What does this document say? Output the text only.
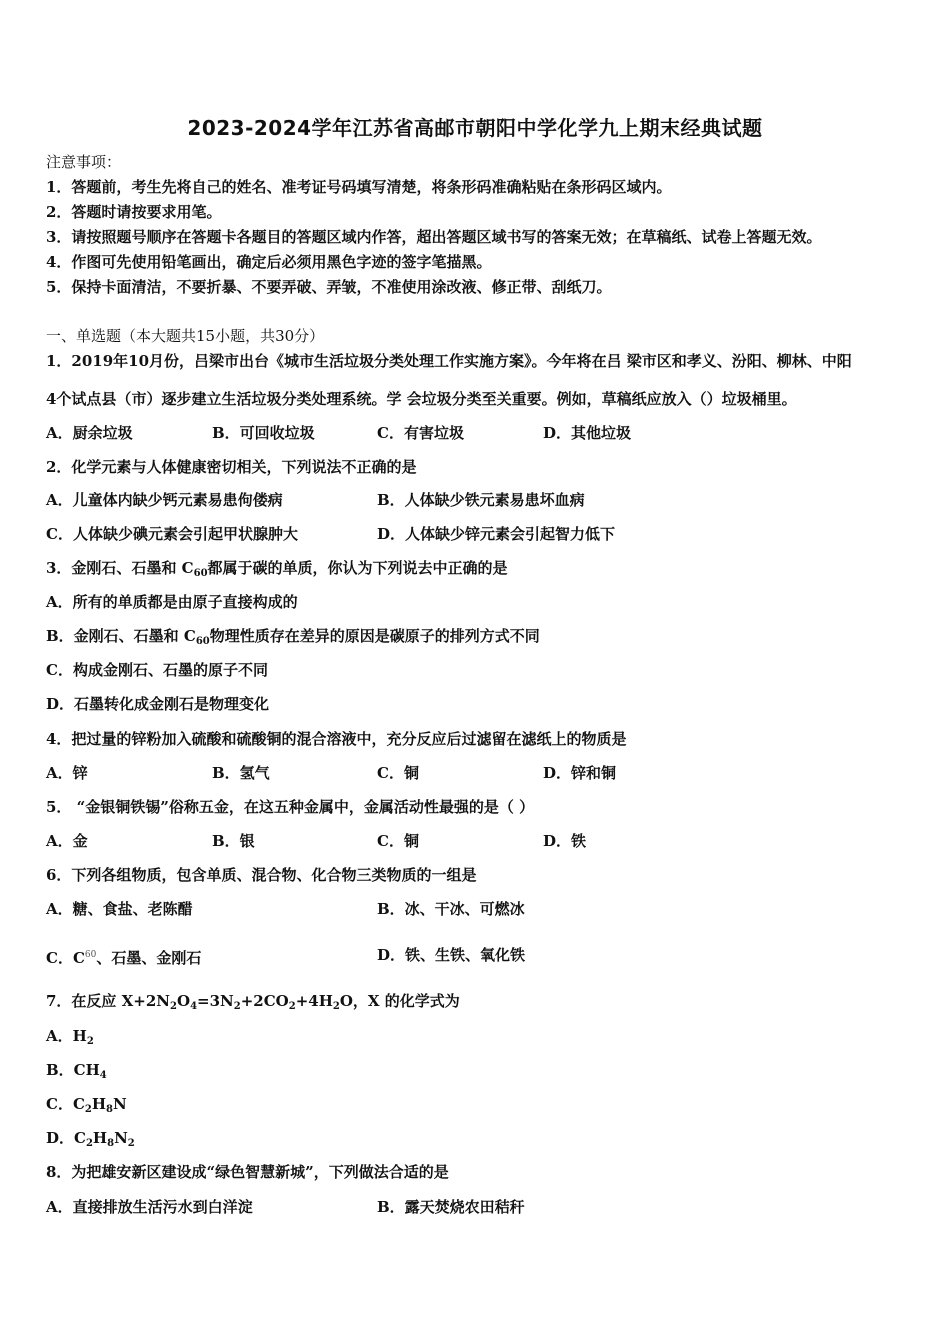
2023-2024学年江苏省高邮市朝阳中学化学九上期末经典试题
注意事项：
1．答题前，考生先将自己的姓名、准考证号码填写清楚，将条形码准确粘贴在条形码区域内。
2．答题时请按要求用笔。
3．请按照题号顺序在答题卡各题目的答题区域内作答，超出答题区域书写的答案无效；在草稿纸、试卷上答题无效。
4．作图可先使用铅笔画出，确定后必须用黑色字迹的签字笔描黑。
5．保持卡面清洁，不要折暴、不要弄破、弄皱，不准使用涂改液、修正带、刮纸刀。
一、单选题（本大题共15小题，共30分）
1．2019年10月份，吕梁市出台《城市生活垃圾分类处理工作实施方案》。今年将在吕 梁市区和孝义、汾阳、柳林、中阳
4个试点县（市）逐步建立生活垃圾分类处理系统。学 会垃圾分类至关重要。例如，草稿纸应放入（）垃圾桶里。
A．厨余垃圾	B．可回收垃圾	C．有害垃圾	D．其他垃圾
2．化学元素与人体健康密切相关，下列说法不正确的是
A．儿童体内缺少钙元素易患佝偻病	B．人体缺少铁元素易患坏血病
C．人体缺少碘元素会引起甲状腺肿大	D．人体缺少锌元素会引起智力低下
3．金刚石、石墨和 $C_{60}$都属于碳的单质，你认为下列说去中正确的是
A．所有的单质都是由原子直接构成的
B．金刚石、石墨和 $C_{60}$物理性质存在差异的原因是碳原子的排列方式不同
C．构成金刚石、石墨的原子不同
D．石墨转化成金刚石是物理变化
4．把过量的锌粉加入硫酸和硫酸铜的混合溶液中，充分反应后过滤留在滤纸上的物质是
A．锌	B．氢气	C．铜	D．锌和铜
5． “金银铜铁锡”俗称五金，在这五种金属中，金属活动性最强的是（ ）
A．金	B．银	C．铜	D．铁
6．下列各组物质，包含单质、混合物、化合物三类物质的一组是
A．糖、食盐、老陈醋	B．冰、干冰、可燃冰
C．$C^{60}$、石墨、金刚石	D．铁、生铁、氧化铁
7．在反应 $X+2N_2O_4=3N_2+2CO_2+4H_2O$，X 的化学式为
A．$H_2$
B．$CH_4$
C．$C_2H_8N$
D．$C_2H_8N_2$
8．为把雄安新区建设成“绿色智慧新城”，下列做法合适的是
A．直接排放生活污水到白洋淀	B．露天焚烧农田秸秆
